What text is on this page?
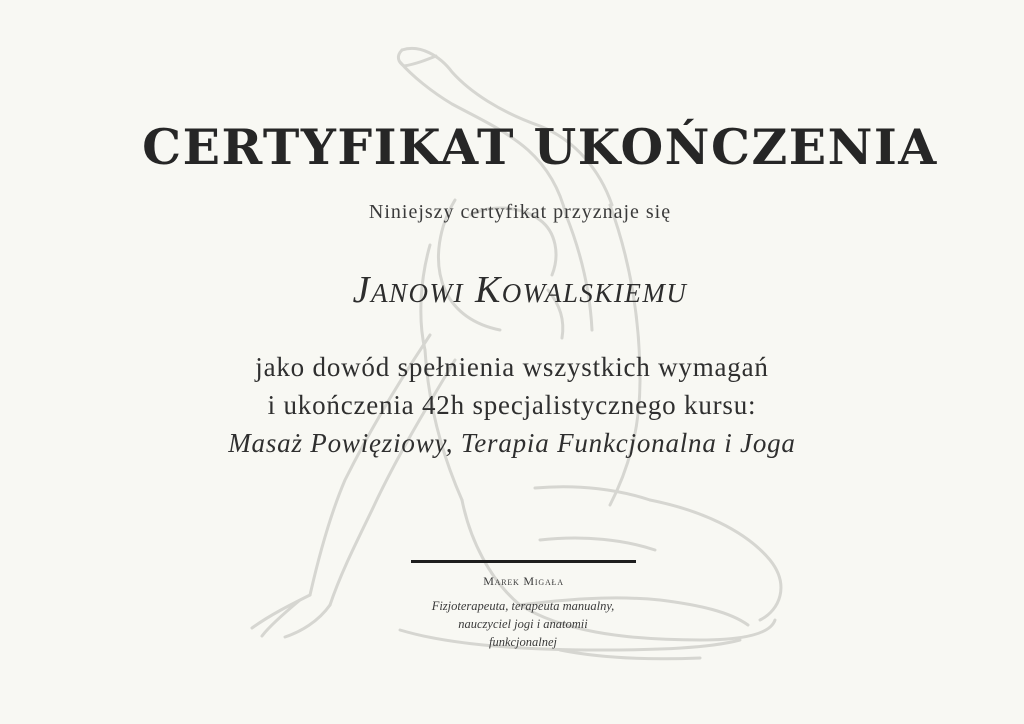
CERTYFIKAT UKOŃCZENIA
Niniejszy certyfikat przyznaje się
Janowi Kowalskiemu
jako dowód spełnienia wszystkich wymagań
i ukończenia 42h specjalistycznego kursu:
Masaż Powięziowy, Terapia Funkcjonalna i Joga
Marek Migała
Fizjoterapeuta, terapeuta manualny,
nauczyciel jogi i anatomii
funkcjonalnej
